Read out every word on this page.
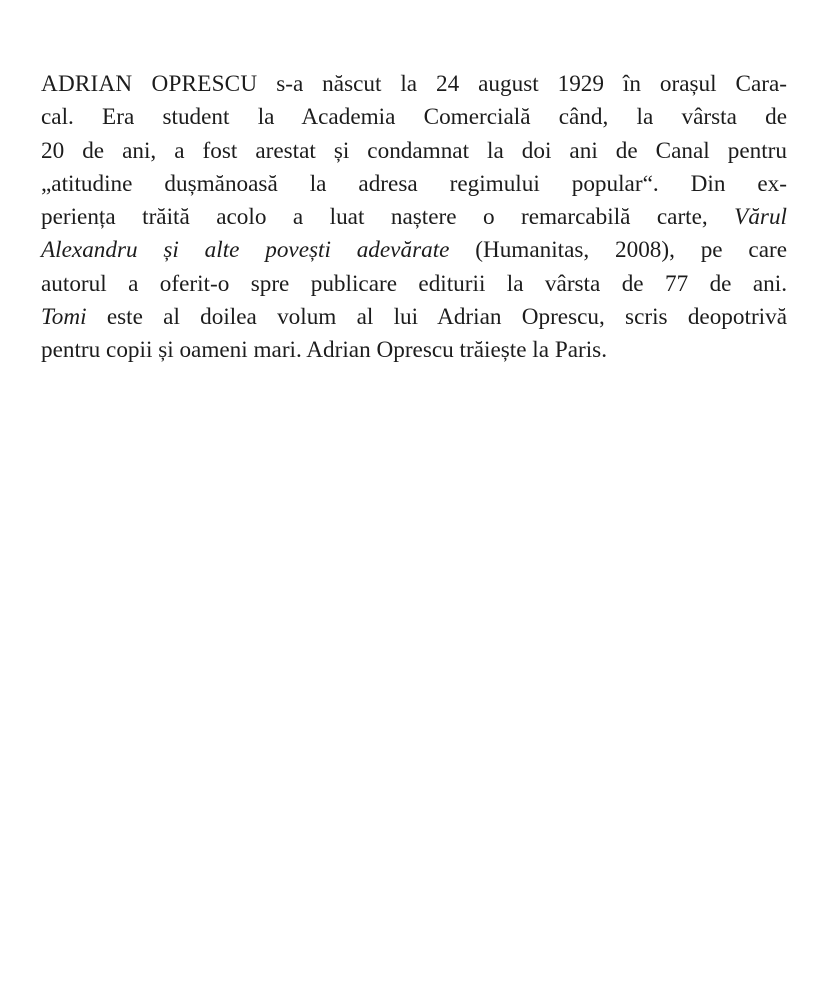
ADRIAN OPRESCU s-a născut la 24 august 1929 în orașul Cara-
cal. Era student la Academia Comercială când, la vârsta de
20 de ani, a fost arestat și condamnat la doi ani de Canal pentru
„atitudine dușmănoasă la adresa regimului popular“. Din ex-
periența trăită acolo a luat naștere o remarcabilă carte, Vărul
Alexandru și alte povești adevărate (Humanitas, 2008), pe care
autorul a oferit-o spre publicare editurii la vârsta de 77 de ani.
Tomi este al doilea volum al lui Adrian Oprescu, scris deopotrivă
pentru copii și oameni mari. Adrian Oprescu trăiește la Paris.
